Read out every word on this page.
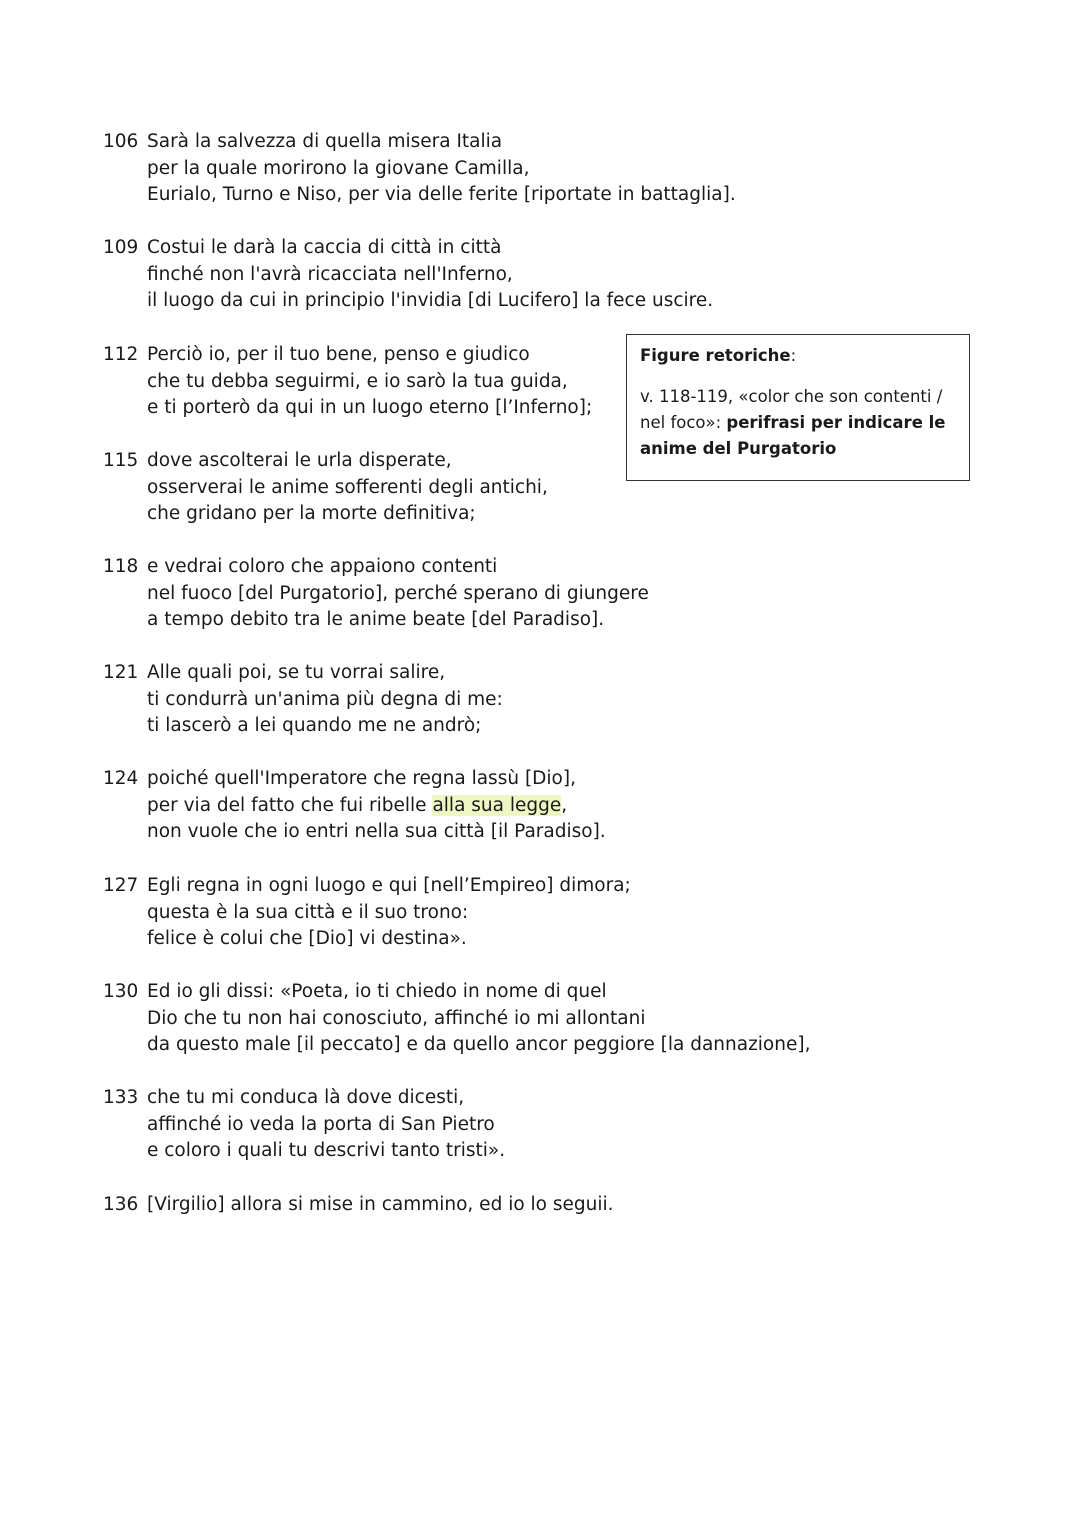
106 Sarà la salvezza di quella misera Italia
per la quale morirono la giovane Camilla,
Eurialo, Turno e Niso, per via delle ferite [riportate in battaglia].
109 Costui le darà la caccia di città in città
finché non l'avrà ricacciata nell'Inferno,
il luogo da cui in principio l'invidia [di Lucifero] la fece uscire.
112 Perciò io, per il tuo bene, penso e giudico
che tu debba seguirmi, e io sarò la tua guida,
e ti porterò da qui in un luogo eterno [l’Inferno];
115 dove ascolterai le urla disperate,
osserverai le anime sofferenti degli antichi,
che gridano per la morte definitiva;
118 e vedrai coloro che appaiono contenti
nel fuoco [del Purgatorio], perché sperano di giungere
a tempo debito tra le anime beate [del Paradiso].
121 Alle quali poi, se tu vorrai salire,
ti condurrà un'anima più degna di me:
ti lascerò a lei quando me ne andrò;
124 poiché quell'Imperatore che regna lassù [Dio],
per via del fatto che fui ribelle alla sua legge,
non vuole che io entri nella sua città [il Paradiso].
127 Egli regna in ogni luogo e qui [nell’Empireo] dimora;
questa è la sua città e il suo trono:
felice è colui che [Dio] vi destina».
130 Ed io gli dissi: «Poeta, io ti chiedo in nome di quel
Dio che tu non hai conosciuto, affinché io mi allontani
da questo male [il peccato] e da quello ancor peggiore [la dannazione],
133 che tu mi conduca là dove dicesti,
affinché io veda la porta di San Pietro
e coloro i quali tu descrivi tanto tristi».
136 [Virgilio] allora si mise in cammino, ed io lo seguii.
Figure retoriche:
v. 118-119, «color che son contenti / nel foco»: perifrasi per indicare le anime del Purgatorio
